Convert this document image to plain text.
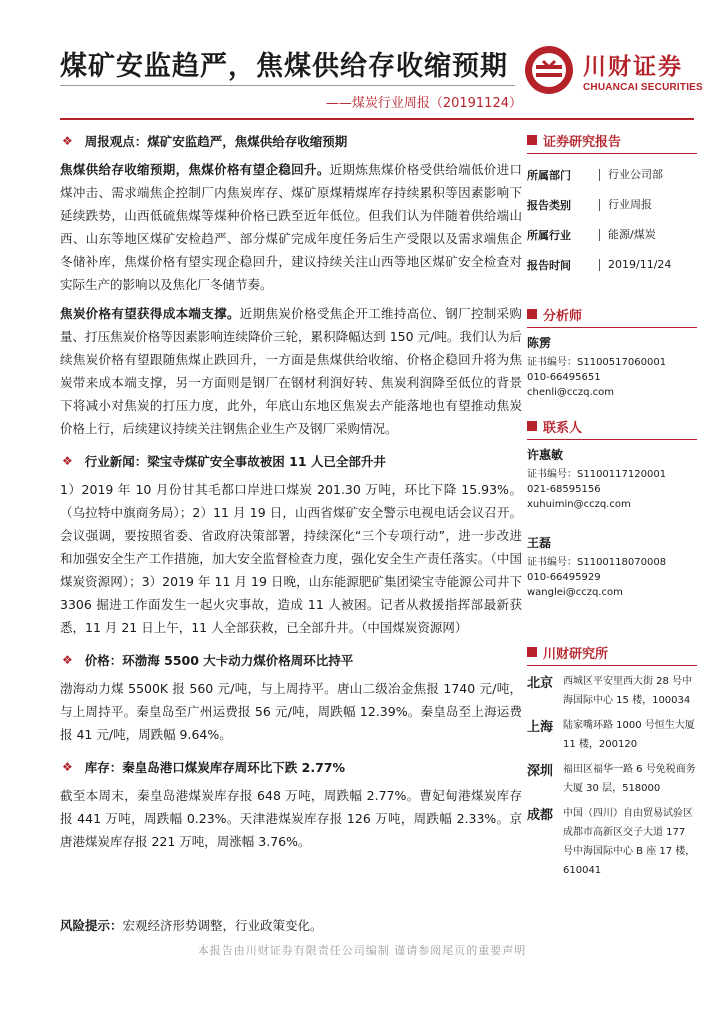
煤矿安监趋严，焦煤供给存收缩预期	川财证券
CHUANCAI SECURITIES
——煤炭行业周报（20191124）
❖ 周报观点：煤矿安监趋严，焦煤供给存收缩预期

焦煤供给存收缩预期，焦煤价格有望企稳回升。近期炼焦煤价格受供给端低价进口煤冲击、需求端焦企控制厂内焦炭库存、煤矿原煤精煤库存持续累积等因素影响下延续跌势，山西低硫焦煤等煤种价格已跌至近年低位。但我们认为伴随着供给端山西、山东等地区煤矿安检趋严、部分煤矿完成年度任务后生产受限以及需求端焦企冬储补库，焦煤价格有望实现企稳回升，建议持续关注山西等地区煤矿安全检查对实际生产的影响以及焦化厂冬储节奏。

焦炭价格有望获得成本端支撑。近期焦炭价格受焦企开工维持高位、钢厂控制采购量、打压焦炭价格等因素影响连续降价三轮，累积降幅达到 150 元/吨。我们认为后续焦炭价格有望跟随焦煤止跌回升，一方面是焦煤供给收缩、价格企稳回升将为焦炭带来成本端支撑，另一方面则是钢厂在钢材利润好转、焦炭利润降至低位的背景下将减小对焦炭的打压力度，此外，年底山东地区焦炭去产能落地也有望推动焦炭价格上行，后续建议持续关注钢焦企业生产及钢厂采购情况。

❖ 行业新闻：梁宝寺煤矿安全事故被困 11 人已全部升井

1）2019 年 10 月份甘其毛都口岸进口煤炭 201.30 万吨，环比下降 15.93%。（乌拉特中旗商务局）；2）11 月 19 日，山西省煤矿安全警示电视电话会议召开。会议强调，要按照省委、省政府决策部署，持续深化“三个专项行动”，进一步改进和加强安全生产工作措施，加大安全监督检查力度，强化安全生产责任落实。（中国煤炭资源网）；3）2019 年 11 月 19 日晚，山东能源肥矿集团梁宝寺能源公司井下 3306 掘进工作面发生一起火灾事故，造成 11 人被困。记者从救援指挥部最新获悉，11 月 21 日上午，11 人全部获救，已全部升井。（中国煤炭资源网）

❖ 价格：环渤海 5500 大卡动力煤价格周环比持平

渤海动力煤 5500K 报 560 元/吨，与上周持平。唐山二级冶金焦报 1740 元/吨，与上周持平。秦皇岛至广州运费报 56 元/吨，周跌幅 12.39%。秦皇岛至上海运费报 41 元/吨，周跌幅 9.64%。

❖ 库存：秦皇岛港口煤炭库存周环比下跌 2.77%

截至本周末，秦皇岛港煤炭库存报 648 万吨，周跌幅 2.77%。曹妃甸港煤炭库存报 441 万吨，周跌幅 0.23%。天津港煤炭库存报 126 万吨，周跌幅 2.33%。京唐港煤炭库存报 221 万吨，周涨幅 3.76%。

风险提示：宏观经济形势调整，行业政策变化。
本报告由川财证券有限责任公司编制 谨请参阅尾页的重要声明
证券研究报告
所属部门	行业公司部
报告类别	行业周报
所属行业	能源/煤炭
报告时间	2019/11/24
分析师
陈雳
证书编号：S1100517060001
010-66495651
chenli@cczq.com
联系人
许惠敏
证书编号：S1100117120001
021-68595156
xuhuimin@cczq.com
王磊
证书编号：S1100118070008
010-66495929
wanglei@cczq.com
川财研究所
北京 西城区平安里西大街 28 号中海国际中心 15 楼，100034
上海 陆家嘴环路 1000 号恒生大厦 11 楼，200120
深圳 福田区福华一路 6 号免税商务大厦 30 层，518000
成都 中国（四川）自由贸易试验区成都市高新区交子大道 177 号中海国际中心 B 座 17 楼，610041
